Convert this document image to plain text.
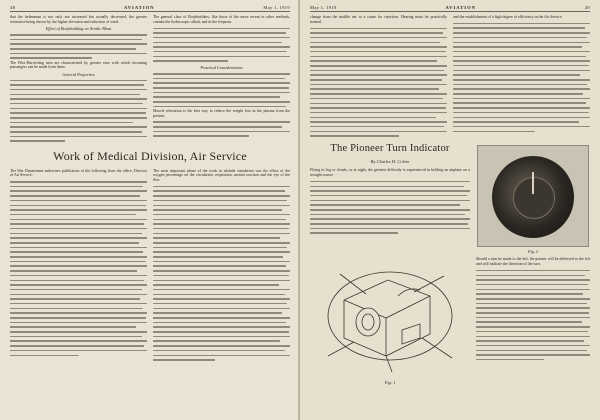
48	AVIATION	May 1, 1919

that the helmsman is not only not increased but actually decreased, the greater resistance being shown by the higher elevation and reduction of wind.

Effect of Bodybuilding on Nordic Bloat

The Pilot-Harvesting men are characterized by greater ease with which incoming passengers can be made from them.

General Properties

The general class of Bodybuilders, like those of the more recent in other methods, contain the hydroscopic alkali, and in the frequent.

Practical Considerations

Muscle relaxation is the best way to reduce the weight loss in the plasma from the present.

Work of Medical Division, Air Service

The War Department authorizes publication of the following from the office, Director of Air Service:

The most important phase of the work in altitude simulation was the effect of the oxygen percentage on the circulation, respiration, mental reaction and the eye of the flier.

May 1, 1919	AVIATION	49

change from the middle ear to a cause for rejection. Hearing must be practically normal.

and the establishment of a high degree of efficiency in the Air Service.

The Pioneer Turn Indicator
By Charles H. Colvin

Flying in fog or clouds, or at night, the greatest difficulty is experienced in holding an airplane on a straight course.

Fig. 1
Fig. 2

Should a turn be made to the left, the pointer will be deflected to the left and will indicate the direction of the turn.
